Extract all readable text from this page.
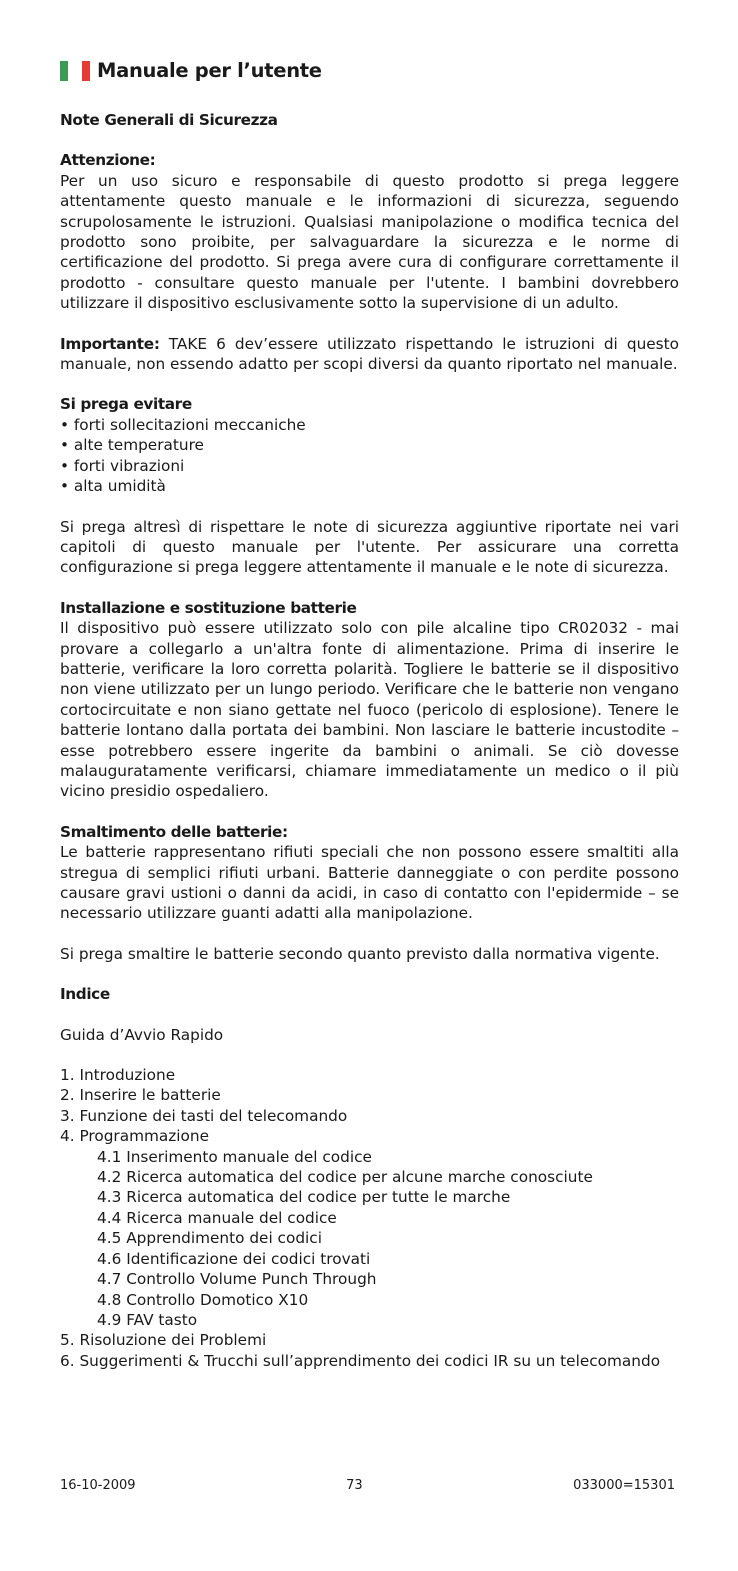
Manuale per l’utente
Note Generali di Sicurezza
Attenzione:

Per un uso sicuro e responsabile di questo prodotto si prega leggere attentamente questo manuale e le informazioni di sicurezza, seguendo scrupolosamente le istruzioni. Qualsiasi manipolazione o modifica tecnica del prodotto sono proibite, per salvaguardare la sicurezza e le norme di certificazione del prodotto. Si prega avere cura di configurare correttamente il prodotto - consultare questo manuale per l'utente. I bambini dovrebbero utilizzare il dispositivo esclusivamente sotto la supervisione di un adulto.

Importante: TAKE 6 dev’essere utilizzato rispettando le istruzioni di questo manuale, non essendo adatto per scopi diversi da quanto riportato nel manuale.

Si prega evitare
• forti sollecitazioni meccaniche
• alte temperature
• forti vibrazioni
• alta umidità

Si prega altresì di rispettare le note di sicurezza aggiuntive riportate nei vari capitoli di questo manuale per l'utente. Per assicurare una corretta configurazione si prega leggere attentamente il manuale e le note di sicurezza.

Installazione e sostituzione batterie

Il dispositivo può essere utilizzato solo con pile alcaline tipo CR02032 - mai provare a collegarlo a un'altra fonte di alimentazione. Prima di inserire le batterie, verificare la loro corretta polarità. Togliere le batterie se il dispositivo non viene utilizzato per un lungo periodo. Verificare che le batterie non vengano cortocircuitate e non siano gettate nel fuoco (pericolo di esplosione). Tenere le batterie lontano dalla portata dei bambini. Non lasciare le batterie incustodite – esse potrebbero essere ingerite da bambini o animali. Se ciò dovesse malauguratamente verificarsi, chiamare immediatamente un medico o il più vicino presidio ospedaliero.

Smaltimento delle batterie:

Le batterie rappresentano rifiuti speciali che non possono essere smaltiti alla stregua di semplici rifiuti urbani. Batterie danneggiate o con perdite possono causare gravi ustioni o danni da acidi, in caso di contatto con l'epidermide – se necessario utilizzare guanti adatti alla manipolazione.

Si prega smaltire le batterie secondo quanto previsto dalla normativa vigente.

Indice
Guida d’Avvio Rapido
1. Introduzione
2. Inserire le batterie
3. Funzione dei tasti del telecomando
4. Programmazione
4.1 Inserimento manuale del codice
4.2 Ricerca automatica del codice per alcune marche conosciute
4.3 Ricerca automatica del codice per tutte le marche
4.4 Ricerca manuale del codice
4.5 Apprendimento dei codici
4.6 Identificazione dei codici trovati
4.7 Controllo Volume Punch Through
4.8 Controllo Domotico X10
4.9 FAV tasto
5. Risoluzione dei Problemi
6. Suggerimenti & Trucchi sull’apprendimento dei codici IR su un telecomando
16-10-2009	73	033000=15301
